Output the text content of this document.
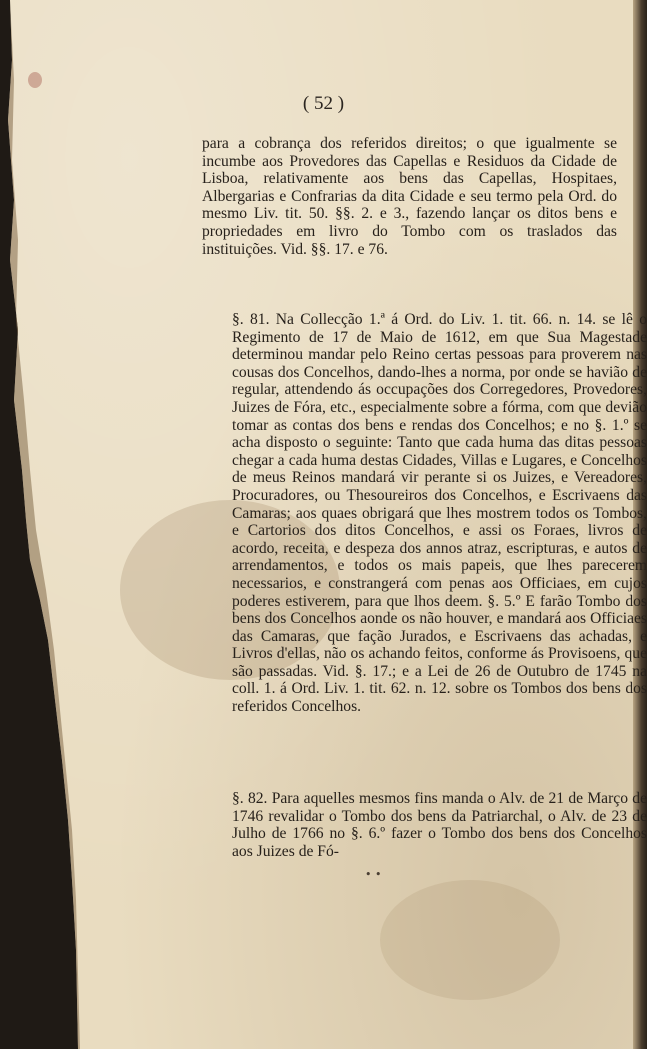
( 52 )

para a cobrança dos referidos direitos; o que igualmente se incumbe aos Provedores das Capellas e Residuos da Cidade de Lisboa, relativamente aos bens das Capellas, Hospitaes, Albergarias e Confrarias da dita Cidade e seu termo pela Ord. do mesmo Liv. tit. 50. §§. 2. e 3., fazendo lançar os ditos bens e propriedades em livro do Tombo com os traslados das instituições. Vid. §§. 17. e 76.

§. 81. Na Collecção 1.ª á Ord. do Liv. 1. tit. 66. n. 14. se lê o Regimento de 17 de Maio de 1612, em que Sua Magestade determinou mandar pelo Reino certas pessoas para proverem nas cousas dos Concelhos, dando-lhes a norma, por onde se havião de regular, attendendo ás occupações dos Corregedores, Provedores, Juizes de Fóra, etc., especialmente sobre a fórma, com que devião tomar as contas dos bens e rendas dos Concelhos; e no §. 1.º se acha disposto o seguinte: Tanto que cada huma das ditas pessoas chegar a cada huma destas Cidades, Villas e Lugares, e Concelhos de meus Reinos mandará vir perante si os Juizes, e Vereadores, Procuradores, ou Thesoureiros dos Concelhos, e Escrivaens das Camaras; aos quaes obrigará que lhes mostrem todos os Tombos, e Cartorios dos ditos Concelhos, e assi os Foraes, livros de acordo, receita, e despeza dos annos atraz, escripturas, e autos de arrendamentos, e todos os mais papeis, que lhes parecerem necessarios, e constrangerá com penas aos Officiaes, em cujos poderes estiverem, para que lhos deem. §. 5.º E farão Tombo dos bens dos Concelhos aonde os não houver, e mandará aos Officiaes das Camaras, que fação Jurados, e Escrivaens das achadas, e Livros d'ellas, não os achando feitos, conforme ás Provisoens, que são passadas. Vid. §. 17.; e a Lei de 26 de Outubro de 1745 na coll. 1. á Ord. Liv. 1. tit. 62. n. 12. sobre os Tombos dos bens dos referidos Concelhos.

§. 82. Para aquelles mesmos fins manda o Alv. de 21 de Março de 1746 revalidar o Tombo dos bens da Patriarchal, o Alv. de 23 de Julho de 1766 no §. 6.º fazer o Tombo dos bens dos Concelhos aos Juizes de Fó-

• •
